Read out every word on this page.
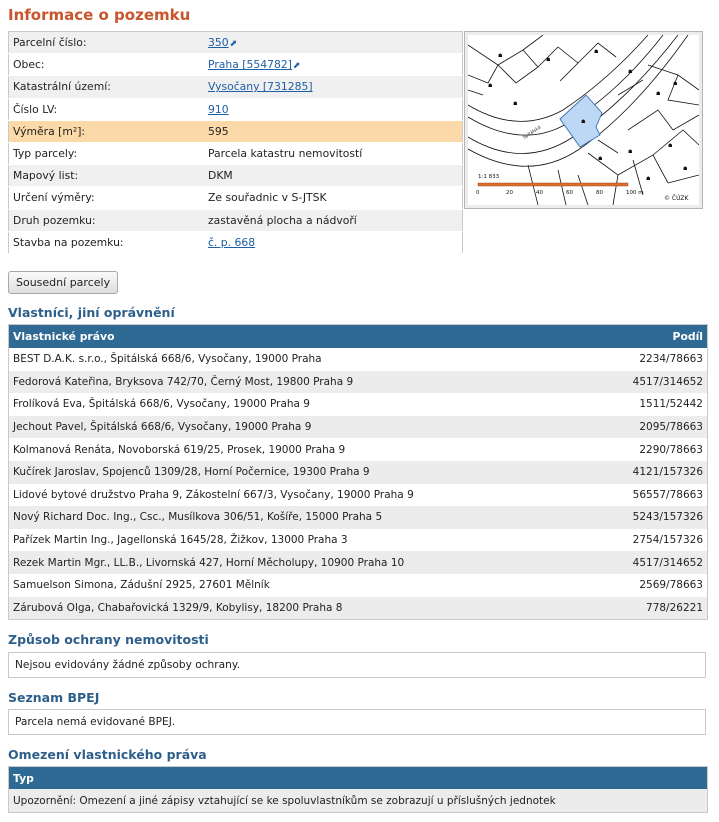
Informace o pozemku
Parcelní číslo:	350⬈
Obec:	Praha [554782]⬈
Katastrální území:	Vysočany [731285]
Číslo LV:	910
Výměra [m²]:	595
Typ parcely:	Parcela katastru nemovitostí
Mapový list:	DKM
Určení výměry:	Ze souřadnic v S-JTSK
Druh pozemku:	zastavěná plocha a nádvoří
Stavba na pozemku:	č. p. 668
☗
☗
☗
☗
☗
☗
☗
☗
☗
☗
☗
☗
☗
☗
Špitálská
1:1 833
0	20	40	60	80	100 m
© ČÚZK
Sousední parcely
Vlastníci, jiní oprávnění
Vlastnické právo	Podíl
BEST D.A.K. s.r.o., Špitálská 668/6, Vysočany, 19000 Praha	2234/78663
Fedorová Kateřina, Bryksova 742/70, Černý Most, 19800 Praha 9	4517/314652
Frolíková Eva, Špitálská 668/6, Vysočany, 19000 Praha 9	1511/52442
Jechout Pavel, Špitálská 668/6, Vysočany, 19000 Praha 9	2095/78663
Kolmanová Renáta, Novoborská 619/25, Prosek, 19000 Praha 9	2290/78663
Kučírek Jaroslav, Spojenců 1309/28, Horní Počernice, 19300 Praha 9	4121/157326
Lidové bytové družstvo Praha 9, Zákostelní 667/3, Vysočany, 19000 Praha 9	56557/78663
Nový Richard Doc. Ing., Csc., Musílkova 306/51, Košíře, 15000 Praha 5	5243/157326
Pařízek Martin Ing., Jagellonská 1645/28, Žižkov, 13000 Praha 3	2754/157326
Rezek Martin Mgr., LL.B., Livornská 427, Horní Měcholupy, 10900 Praha 10	4517/314652
Samuelson Simona, Zádušní 2925, 27601 Mělník	2569/78663
Zárubová Olga, Chabařovická 1329/9, Kobylisy, 18200 Praha 8	778/26221
Způsob ochrany nemovitosti
Nejsou evidovány žádné způsoby ochrany.
Seznam BPEJ
Parcela nemá evidované BPEJ.
Omezení vlastnického práva
Typ
Upozornění: Omezení a jiné zápisy vztahující se ke spoluvlastníkům se zobrazují u příslušných jednotek
